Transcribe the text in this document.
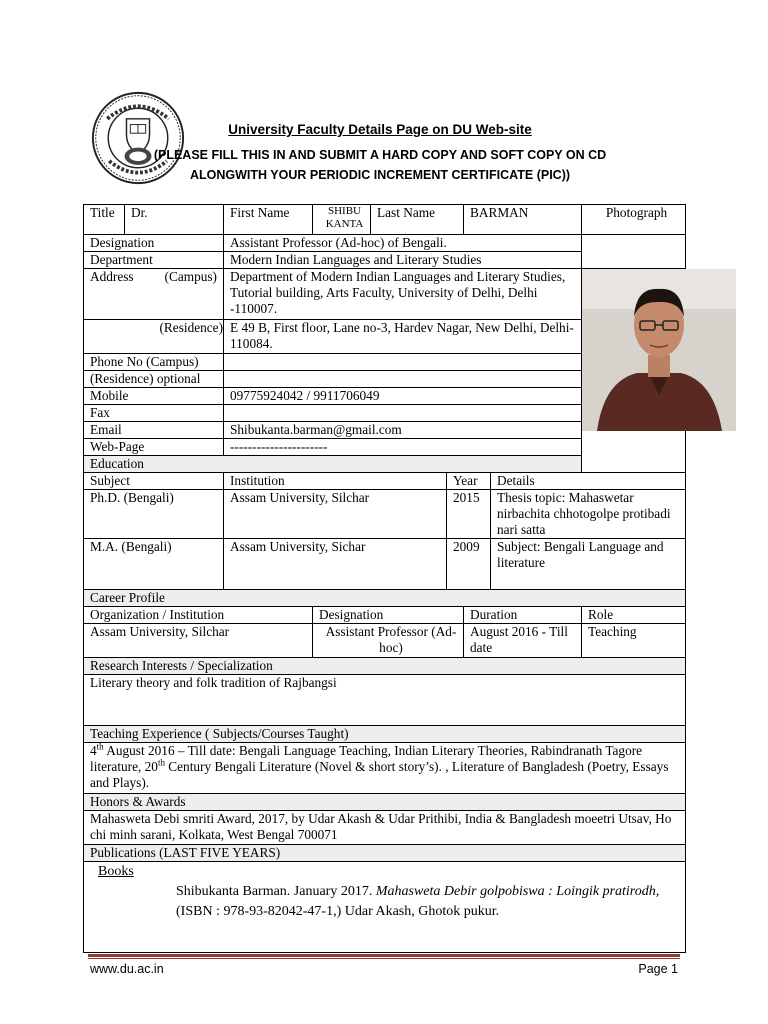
University Faculty Details Page on DU Web-site
(PLEASE FILL THIS IN AND SUBMIT A HARD COPY AND SOFT COPY ON CD
ALONGWITH YOUR PERIODIC INCREMENT CERTIFICATE (PIC))
Title	Dr.	First Name	SHIBU KANTA	Last Name		BARMAN		Photograph
Designation		Assistant Professor (Ad-hoc) of Bengali.						
Department		Modern Indian Languages and Literary Studies						
Address (Campus)		Department of Modern Indian Languages and Literary Studies, Tutorial building, Arts Faculty, University of Delhi, Delhi -110007.	

(Residence)		E 49 B, First floor, Lane no-3, Hardev Nagar, New Delhi, Delhi-110084.						
Phone No (Campus)								
(Residence) optional								
Mobile		09775924042 / 9911706049						
Fax								
Email		Shibukanta.barman@gmail.com						
Web-Page		----------------------						
Education								
Subject		Institution			Year		Details	
Ph.D. (Bengali)		Assam University, Silchar			2015		Thesis topic: Mahaswetar nirbachita chhotogolpe protibadi nari satta	
M.A. (Bengali)		Assam University, Sichar			2009		Subject: Bengali Language and literature	
Career Profile								
Organization / Institution			Designation			Duration		Role
Assam University, Silchar			Assistant Professor (Ad-hoc)			August 2016 - Till date		Teaching
Research Interests / Specialization								
Literary theory and folk tradition of Rajbangsi								
Teaching Experience ( Subjects/Courses Taught)								
4th August 2016 – Till date: Bengali Language Teaching, Indian Literary Theories, Rabindranath Tagore literature, 20th Century Bengali Literature (Novel & short story’s). , Literature of Bangladesh (Poetry, Essays and Plays).								
Honors & Awards								
Mahasweta Debi smriti Award, 2017, by Udar Akash & Udar Prithibi, India & Bangladesh moeetri Utsav, Ho chi minh sarani, Kolkata, West Bengal 700071								
Publications (LAST FIVE YEARS)								

Books
Shibukanta Barman. January 2017. Mahasweta Debir golpobiswa : Loingik pratirodh, (ISBN : 978-93-82042-47-1,) Udar Akash, Ghotok pukur.								
www.du.ac.in	Page 1
